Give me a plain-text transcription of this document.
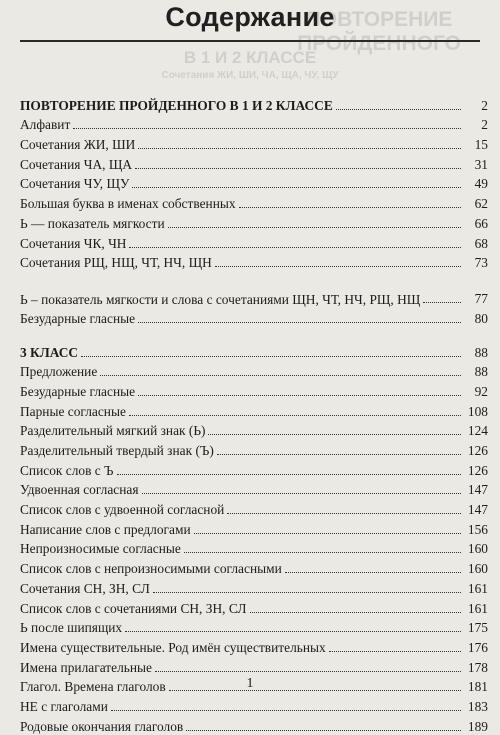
ПОВТОРЕНИЕ ПРОЙДЕННОГО
В 1 И 2 КЛАССЕ
Сочетания ЖИ, ШИ, ЧА, ЩА, ЧУ, ЩУ
Содержание
ПОВТОРЕНИЕ ПРОЙДЕННОГО В 1 И 2 КЛАССЕ	2
Алфавит	2
Сочетания ЖИ, ШИ	15
Сочетания ЧА, ЩА	31
Сочетания ЧУ, ЩУ	49
Большая буква в именах собственных	62
Ь — показатель мягкости	66
Сочетания ЧК, ЧН	68
Сочетания РЩ, НЩ, ЧТ, НЧ, ЩН	73
Ь – показатель мягкости и слова с сочетаниями ЩН, ЧТ, НЧ, РЩ, НЩ	77
Безударные гласные	80
3 КЛАСС	88
Предложение	88
Безударные гласные	92
Парные согласные	108
Разделительный мягкий знак (Ь)	124
Разделительный твердый знак (Ъ)	126
Список слов с Ъ	126
Удвоенная согласная	147
Список слов с удвоенной согласной	147
Написание слов с предлогами	156
Непроизносимые согласные	160
Список слов с непроизносимыми согласными	160
Сочетания СН, ЗН, СЛ	161
Список слов с сочетаниями СН, ЗН, СЛ	161
Ь после шипящих	175
Имена существительные. Род имён существительных	176
Имена прилагательные	178
Глагол. Времена глаголов	181
НЕ с глаголами	183
Родовые окончания глаголов	189
1
